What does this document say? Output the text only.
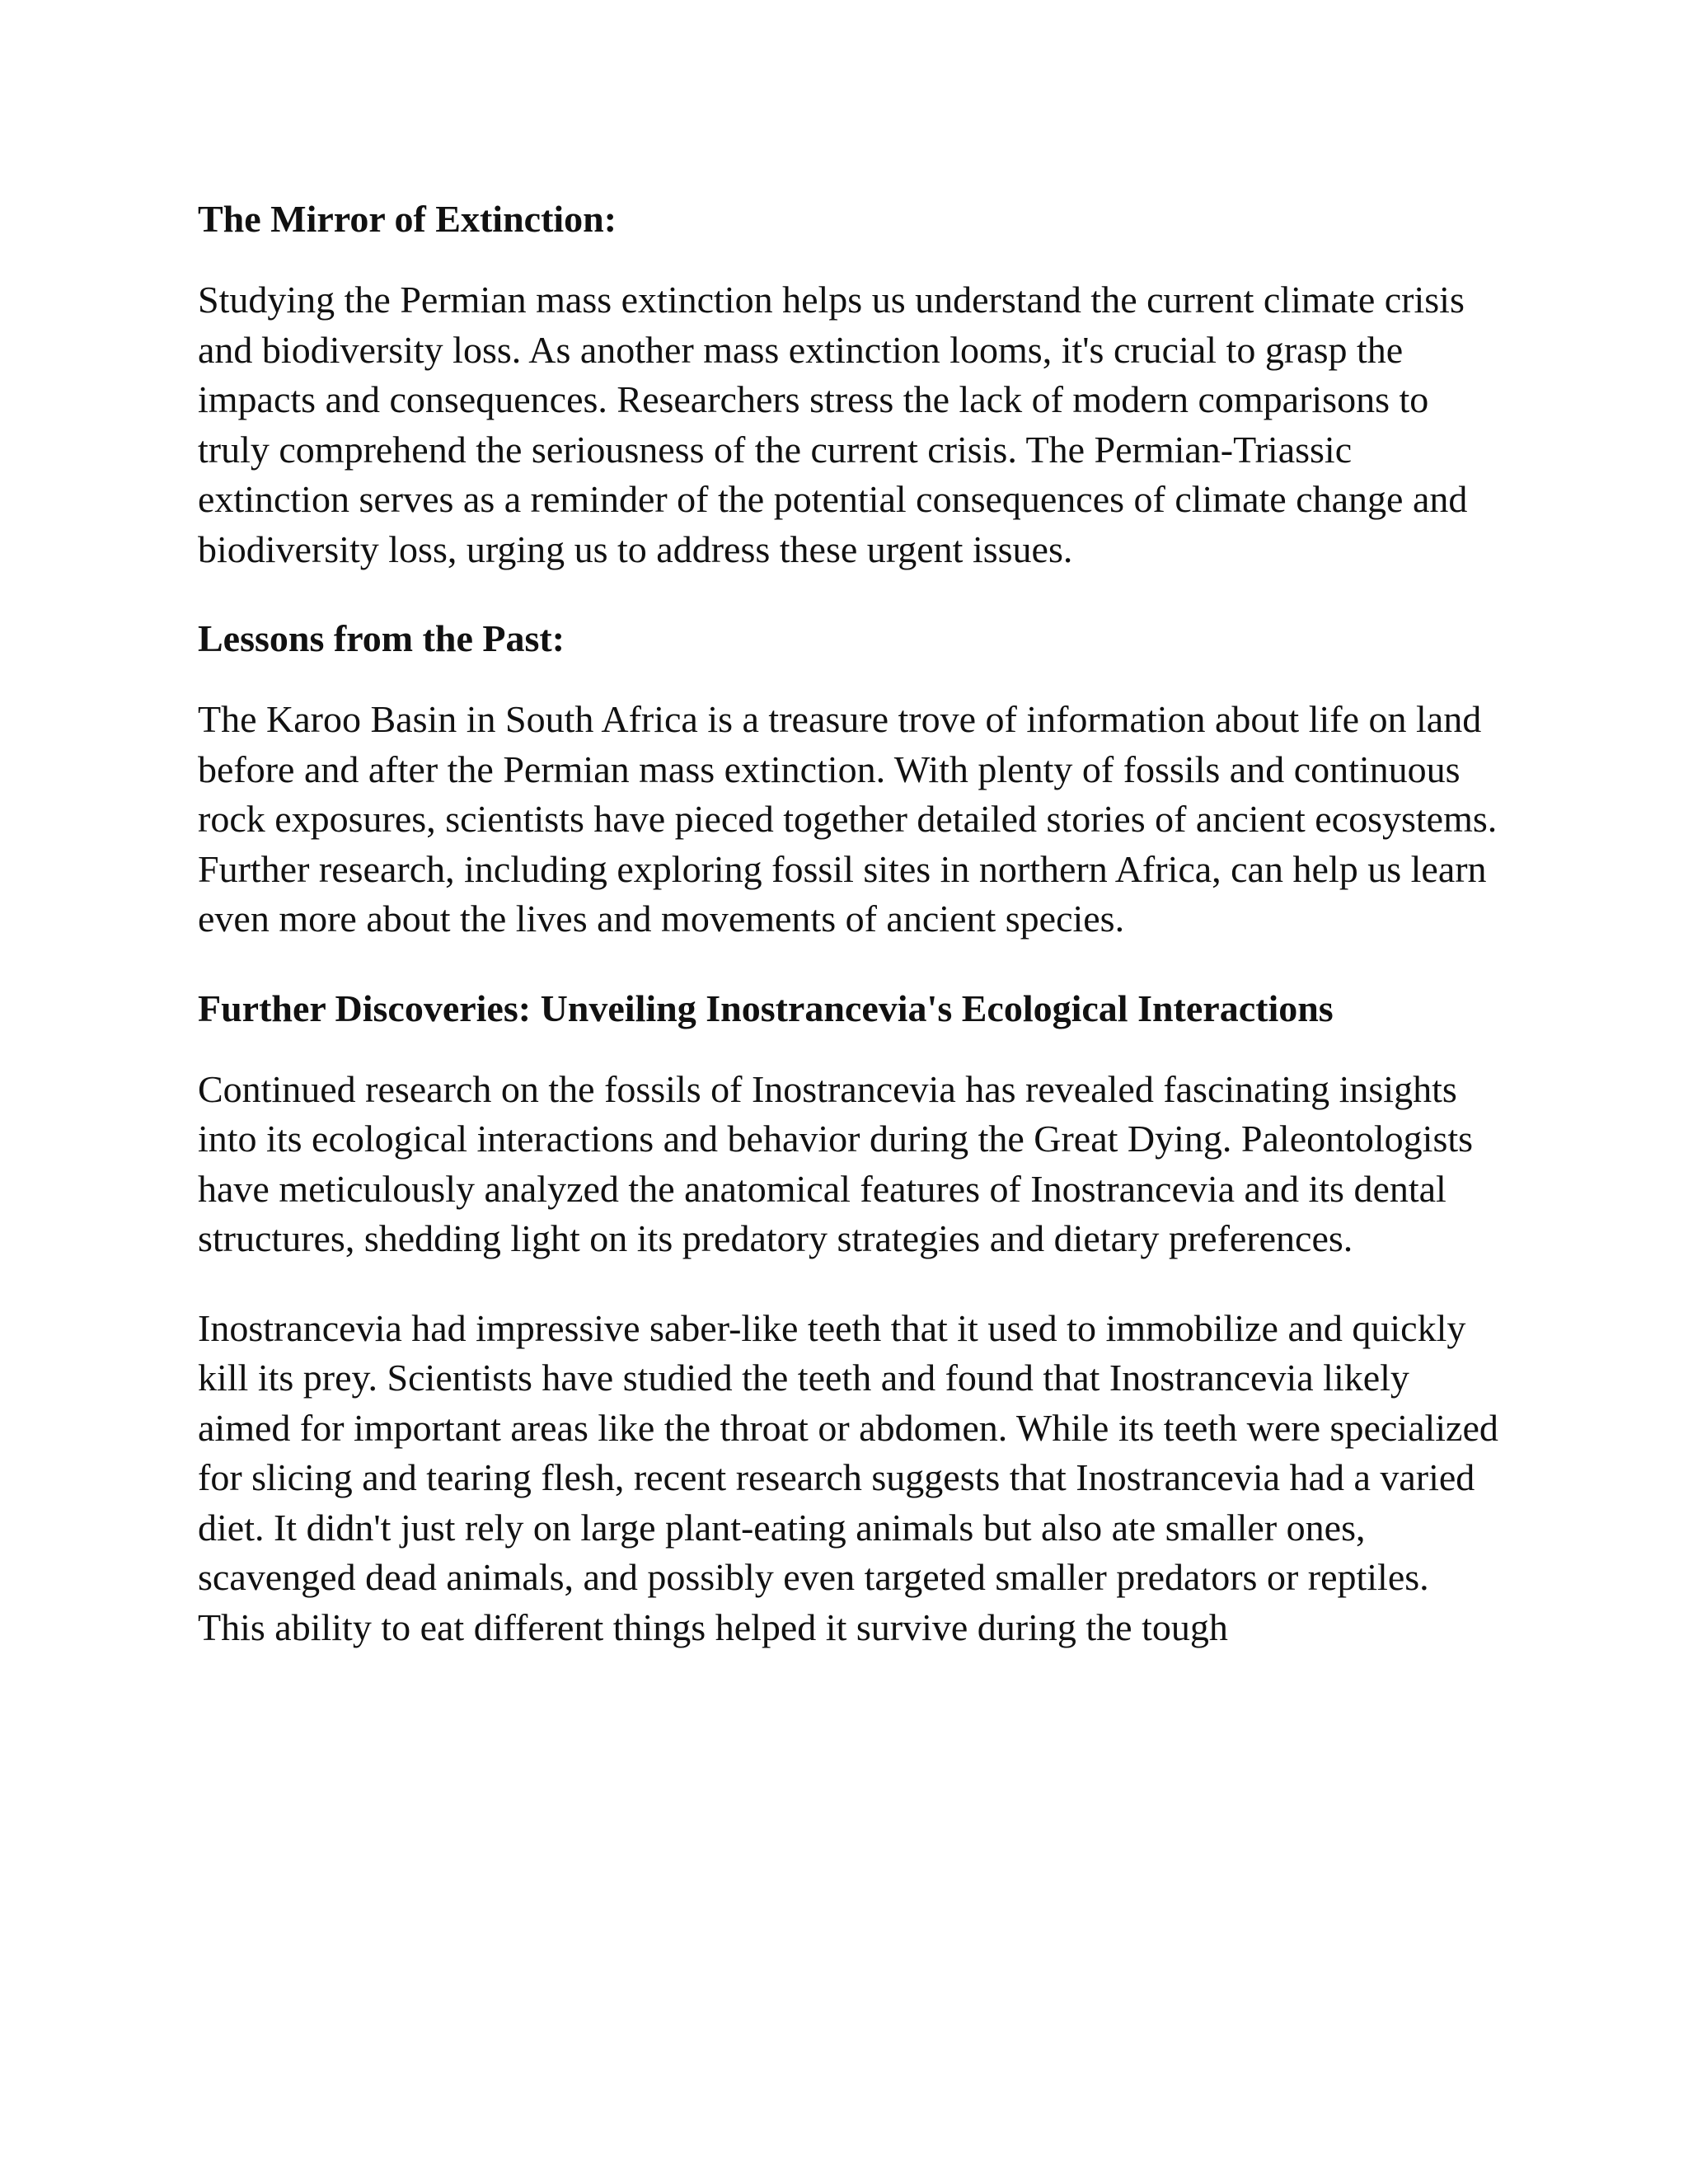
The Mirror of Extinction:

Studying the Permian mass extinction helps us understand the current climate crisis and biodiversity loss. As another mass extinction looms, it's crucial to grasp the impacts and consequences. Researchers stress the lack of modern comparisons to truly comprehend the seriousness of the current crisis. The Permian-Triassic extinction serves as a reminder of the potential consequences of climate change and biodiversity loss, urging us to address these urgent issues.

Lessons from the Past:

The Karoo Basin in South Africa is a treasure trove of information about life on land before and after the Permian mass extinction. With plenty of fossils and continuous rock exposures, scientists have pieced together detailed stories of ancient ecosystems. Further research, including exploring fossil sites in northern Africa, can help us learn even more about the lives and movements of ancient species.

Further Discoveries: Unveiling Inostrancevia's Ecological Interactions

Continued research on the fossils of Inostrancevia has revealed fascinating insights into its ecological interactions and behavior during the Great Dying. Paleontologists have meticulously analyzed the anatomical features of Inostrancevia and its dental structures, shedding light on its predatory strategies and dietary preferences.

Inostrancevia had impressive saber-like teeth that it used to immobilize and quickly kill its prey. Scientists have studied the teeth and found that Inostrancevia likely aimed for important areas like the throat or abdomen. While its teeth were specialized for slicing and tearing flesh, recent research suggests that Inostrancevia had a varied diet. It didn't just rely on large plant-eating animals but also ate smaller ones, scavenged dead animals, and possibly even targeted smaller predators or reptiles. This ability to eat different things helped it survive during the tough
